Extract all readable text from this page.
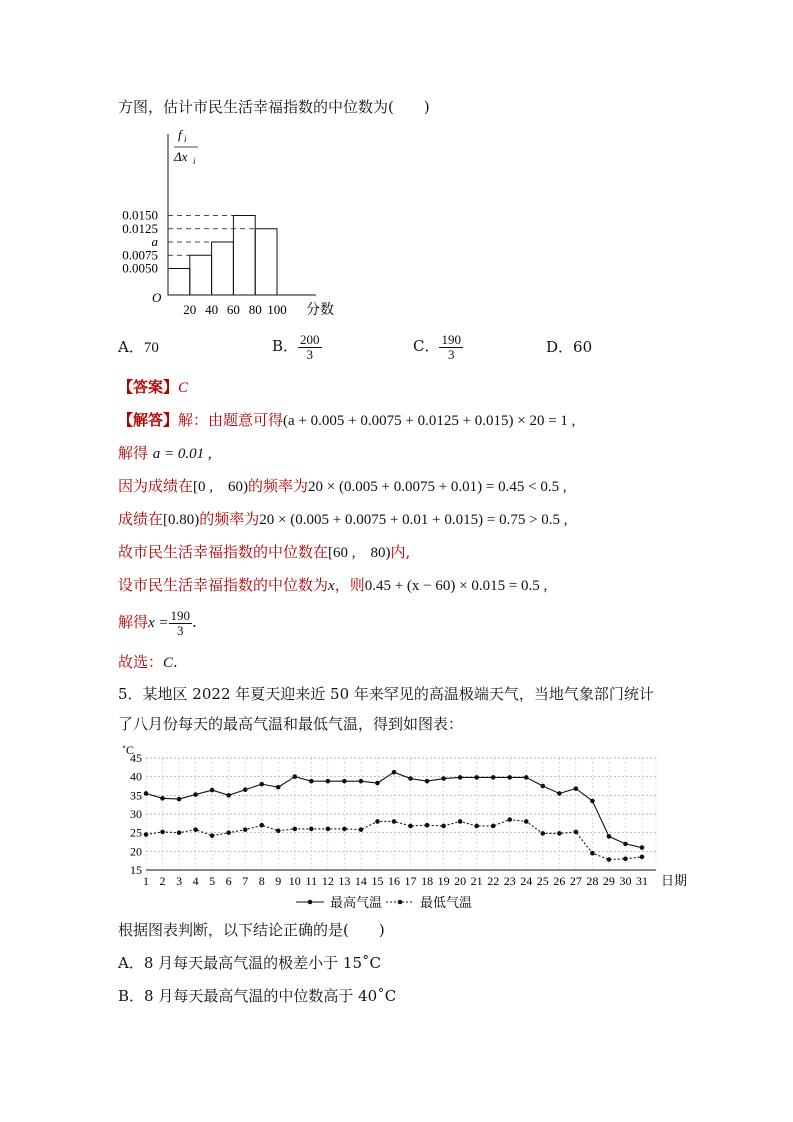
方图，估计市民生活幸福指数的中位数为(　　)
f i
Δx i
0.0150
0.0125
a
0.0075
0.0050
20 40 60 80 100
O
分数
A．70	B． $\frac{200}{3}$	C． $\frac{190}{3}$	D．60
【答案】C
【解答】解：由题意可得(a + 0.005 + 0.0075 + 0.0125 + 0.015) × 20 = 1 ,
解得 a = 0.01 ,
因为成绩在[0 ,　60)的频率为20 × (0.005 + 0.0075 + 0.01) = 0.45 < 0.5 ,
成绩在[0.80)的频率为20 × (0.005 + 0.0075 + 0.01 + 0.015) = 0.75 > 0.5 ,
故市民生活幸福指数的中位数在[60 ,　80)内,
设市民生活幸福指数的中位数为x，则0.45 + (x − 60) × 0.015 = 0.5 ,
解得$x = \frac{190}{3}$ .
故选：C.
5．某地区 2022 年夏天迎来近 50 年来罕见的高温极端天气，当地气象部门统计
了八月份每天的最高气温和最低气温，得到如图表：
˚C
15
20
25
30
35
40
45
1 2 3 4 5 6 7 8 9 10 11 12 13 14 15 16 17 18 19 20 21 22 23 24 25 26 27 28 29 30 31 日期
最高气温	最低气温
根据图表判断，以下结论正确的是(　　)
A．8 月每天最高气温的极差小于 15˚C
B．8 月每天最高气温的中位数高于 40˚C
